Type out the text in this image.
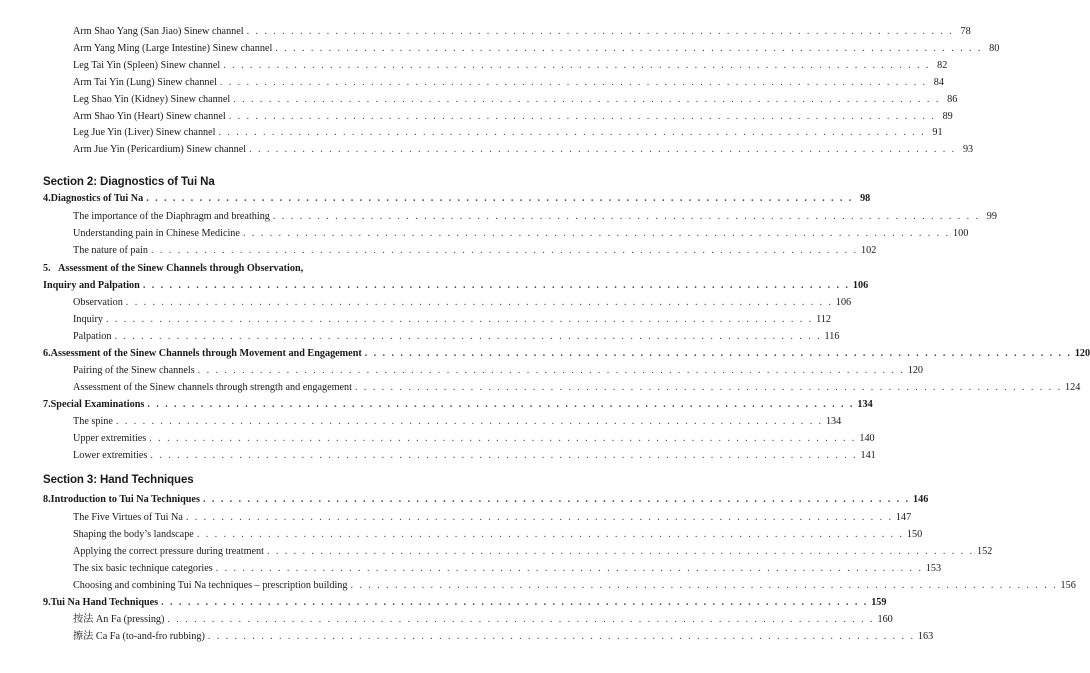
Arm Shao Yang (San Jiao) Sinew channel . . . . . . . . . . . . . . . . . . . . . . . . . . . . . . . . . . . . . . . . . . . . . . . . . . . . . . . . . . . . . . . . . . . . . . . . . . . . . . . . 78
Arm Yang Ming (Large Intestine) Sinew channel . . . . . . . . . . . . . . . . . . . . . . . . . . . . . . . . . . . . . . . . . . . . . . . . . . . . . . . . . . . . . . . . . . . . . . . . . . . . . . . . 80
Leg Tai Yin (Spleen) Sinew channel . . . . . . . . . . . . . . . . . . . . . . . . . . . . . . . . . . . . . . . . . . . . . . . . . . . . . . . . . . . . . . . . . . . . . . . . . . . . . . . . 82
Arm Tai Yin (Lung) Sinew channel . . . . . . . . . . . . . . . . . . . . . . . . . . . . . . . . . . . . . . . . . . . . . . . . . . . . . . . . . . . . . . . . . . . . . . . . . . . . . . . . 84
Leg Shao Yin (Kidney) Sinew channel . . . . . . . . . . . . . . . . . . . . . . . . . . . . . . . . . . . . . . . . . . . . . . . . . . . . . . . . . . . . . . . . . . . . . . . . . . . . . . . . 86
Arm Shao Yin (Heart) Sinew channel . . . . . . . . . . . . . . . . . . . . . . . . . . . . . . . . . . . . . . . . . . . . . . . . . . . . . . . . . . . . . . . . . . . . . . . . . . . . . . . . 89
Leg Jue Yin (Liver) Sinew channel . . . . . . . . . . . . . . . . . . . . . . . . . . . . . . . . . . . . . . . . . . . . . . . . . . . . . . . . . . . . . . . . . . . . . . . . . . . . . . . . 91
Arm Jue Yin (Pericardium) Sinew channel . . . . . . . . . . . . . . . . . . . . . . . . . . . . . . . . . . . . . . . . . . . . . . . . . . . . . . . . . . . . . . . . . . . . . . . . . . . . . . . . 93
Section 2: Diagnostics of Tui Na
4. Diagnostics of Tui Na . . . . . . . . . . . . . . . . . . . . . . . . . . . . . . . . . . . . . . . . . . . . . . . . . . . . . . . . . . . . . . . . . . . . . . . . . . . . . . . . 98
The importance of the Diaphragm and breathing . . . . . . . . . . . . . . . . . . . . . . . . . . . . . . . . . . . . . . . . . . . . . . . . . . . . . . . . . . . . . . . . . . . . . . . . . . . . . . . . 99
Understanding pain in Chinese Medicine . . . . . . . . . . . . . . . . . . . . . . . . . . . . . . . . . . . . . . . . . . . . . . . . . . . . . . . . . . . . . . . . . . . . . . . . . . . . . . . . 100
The nature of pain . . . . . . . . . . . . . . . . . . . . . . . . . . . . . . . . . . . . . . . . . . . . . . . . . . . . . . . . . . . . . . . . . . . . . . . . . . . . . . . . 102
5. Assessment of the Sinew Channels through Observation,
Inquiry and Palpation . . . . . . . . . . . . . . . . . . . . . . . . . . . . . . . . . . . . . . . . . . . . . . . . . . . . . . . . . . . . . . . . . . . . . . . . . . . . . . . . 106
Observation . . . . . . . . . . . . . . . . . . . . . . . . . . . . . . . . . . . . . . . . . . . . . . . . . . . . . . . . . . . . . . . . . . . . . . . . . . . . . . . . 106
Inquiry . . . . . . . . . . . . . . . . . . . . . . . . . . . . . . . . . . . . . . . . . . . . . . . . . . . . . . . . . . . . . . . . . . . . . . . . . . . . . . . . 112
Palpation . . . . . . . . . . . . . . . . . . . . . . . . . . . . . . . . . . . . . . . . . . . . . . . . . . . . . . . . . . . . . . . . . . . . . . . . . . . . . . . . 116
6. Assessment of the Sinew Channels through Movement and Engagement . . . . . . . . . . . . . . . . . . . . . . . . . . . . . . . . . . . . . . . . . . . . . . . . . . . . . . . . . . . . . . . . . . . . . . . . . . . . . . . . 120
Pairing of the Sinew channels . . . . . . . . . . . . . . . . . . . . . . . . . . . . . . . . . . . . . . . . . . . . . . . . . . . . . . . . . . . . . . . . . . . . . . . . . . . . . . . . 120
Assessment of the Sinew channels through strength and engagement . . . . . . . . . . . . . . . . . . . . . . . . . . . . . . . . . . . . . . . . . . . . . . . . . . . . . . . . . . . . . . . . . . . . . . . . . . . . . . . . 124
7. Special Examinations . . . . . . . . . . . . . . . . . . . . . . . . . . . . . . . . . . . . . . . . . . . . . . . . . . . . . . . . . . . . . . . . . . . . . . . . . . . . . . . . 134
The spine . . . . . . . . . . . . . . . . . . . . . . . . . . . . . . . . . . . . . . . . . . . . . . . . . . . . . . . . . . . . . . . . . . . . . . . . . . . . . . . . 134
Upper extremities . . . . . . . . . . . . . . . . . . . . . . . . . . . . . . . . . . . . . . . . . . . . . . . . . . . . . . . . . . . . . . . . . . . . . . . . . . . . . . . . 140
Lower extremities . . . . . . . . . . . . . . . . . . . . . . . . . . . . . . . . . . . . . . . . . . . . . . . . . . . . . . . . . . . . . . . . . . . . . . . . . . . . . . . . 141
Section 3: Hand Techniques
8. Introduction to Tui Na Techniques . . . . . . . . . . . . . . . . . . . . . . . . . . . . . . . . . . . . . . . . . . . . . . . . . . . . . . . . . . . . . . . . . . . . . . . . . . . . . . . . 146
The Five Virtues of Tui Na . . . . . . . . . . . . . . . . . . . . . . . . . . . . . . . . . . . . . . . . . . . . . . . . . . . . . . . . . . . . . . . . . . . . . . . . . . . . . . . . 147
Shaping the body’s landscape . . . . . . . . . . . . . . . . . . . . . . . . . . . . . . . . . . . . . . . . . . . . . . . . . . . . . . . . . . . . . . . . . . . . . . . . . . . . . . . . 150
Applying the correct pressure during treatment . . . . . . . . . . . . . . . . . . . . . . . . . . . . . . . . . . . . . . . . . . . . . . . . . . . . . . . . . . . . . . . . . . . . . . . . . . . . . . . . 152
The six basic technique categories . . . . . . . . . . . . . . . . . . . . . . . . . . . . . . . . . . . . . . . . . . . . . . . . . . . . . . . . . . . . . . . . . . . . . . . . . . . . . . . . 153
Choosing and combining Tui Na techniques – prescription building . . . . . . . . . . . . . . . . . . . . . . . . . . . . . . . . . . . . . . . . . . . . . . . . . . . . . . . . . . . . . . . . . . . . . . . . . . . . . . . . 156
9. Tui Na Hand Techniques . . . . . . . . . . . . . . . . . . . . . . . . . . . . . . . . . . . . . . . . . . . . . . . . . . . . . . . . . . . . . . . . . . . . . . . . . . . . . . . . 159
按法 An Fa (pressing) . . . . . . . . . . . . . . . . . . . . . . . . . . . . . . . . . . . . . . . . . . . . . . . . . . . . . . . . . . . . . . . . . . . . . . . . . . . . . . . . 160
擦法 Ca Fa (to-and-fro rubbing) . . . . . . . . . . . . . . . . . . . . . . . . . . . . . . . . . . . . . . . . . . . . . . . . . . . . . . . . . . . . . . . . . . . . . . . . . . . . . . . . 163
